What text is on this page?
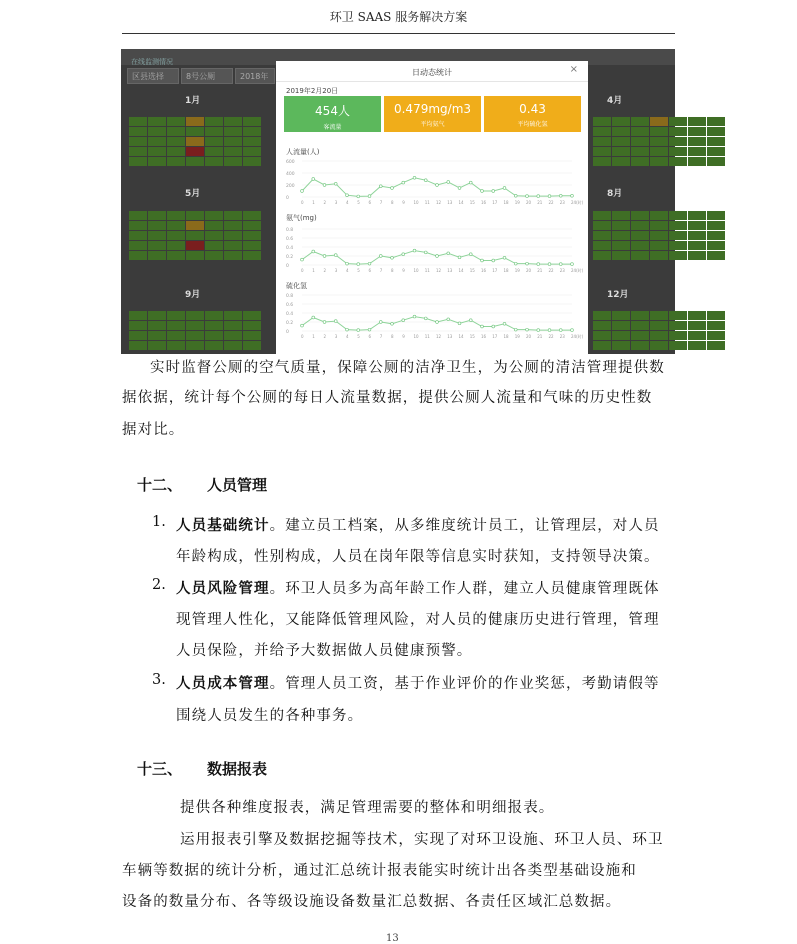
环卫 SAAS 服务解决方案
在线监测情况
区县选择	8号公厕	2018年
1月	4月
5月	8月
9月	12月
日动态统计	×
2019年2月20日
454人
客流量
0.479mg/m3
平均氨气
0.43
平均硫化氢
人流量(人)
600
400
200
0
0 1 2 3 4 5 6 7 8 9 10 11 12 13 14 15 16 17 18 19 20 21 22 23 24(时)
氨气(mg)
0.8
0.6
0.4
0.2
0
0 1 2 3 4 5 6 7 8 9 10 11 12 13 14 15 16 17 18 19 20 21 22 23 24(时)
硫化氢
0.8
0.6
0.4
0.2
0
0 1 2 3 4 5 6 7 8 9 10 11 12 13 14 15 16 17 18 19 20 21 22 23 24(时)
实时监督公厕的空气质量，保障公厕的洁净卫生，为公厕的清洁管理提供数
据依据，统计每个公厕的每日人流量数据，提供公厕人流量和气味的历史性数
据对比。
十二、 人员管理
1. 人员基础统计。建立员工档案，从多维度统计员工，让管理层，对人员
年龄构成，性别构成，人员在岗年限等信息实时获知，支持领导决策。
2. 人员风险管理。环卫人员多为高年龄工作人群，建立人员健康管理既体
现管理人性化，又能降低管理风险，对人员的健康历史进行管理，管理
人员保险，并给予大数据做人员健康预警。
3. 人员成本管理。管理人员工资，基于作业评价的作业奖惩，考勤请假等
围绕人员发生的各种事务。
十三、 数据报表
提供各种维度报表，满足管理需要的整体和明细报表。
运用报表引擎及数据挖掘等技术，实现了对环卫设施、环卫人员、环卫
车辆等数据的统计分析，通过汇总统计报表能实时统计出各类型基础设施和
设备的数量分布、各等级设施设备数量汇总数据、各责任区域汇总数据。
13
